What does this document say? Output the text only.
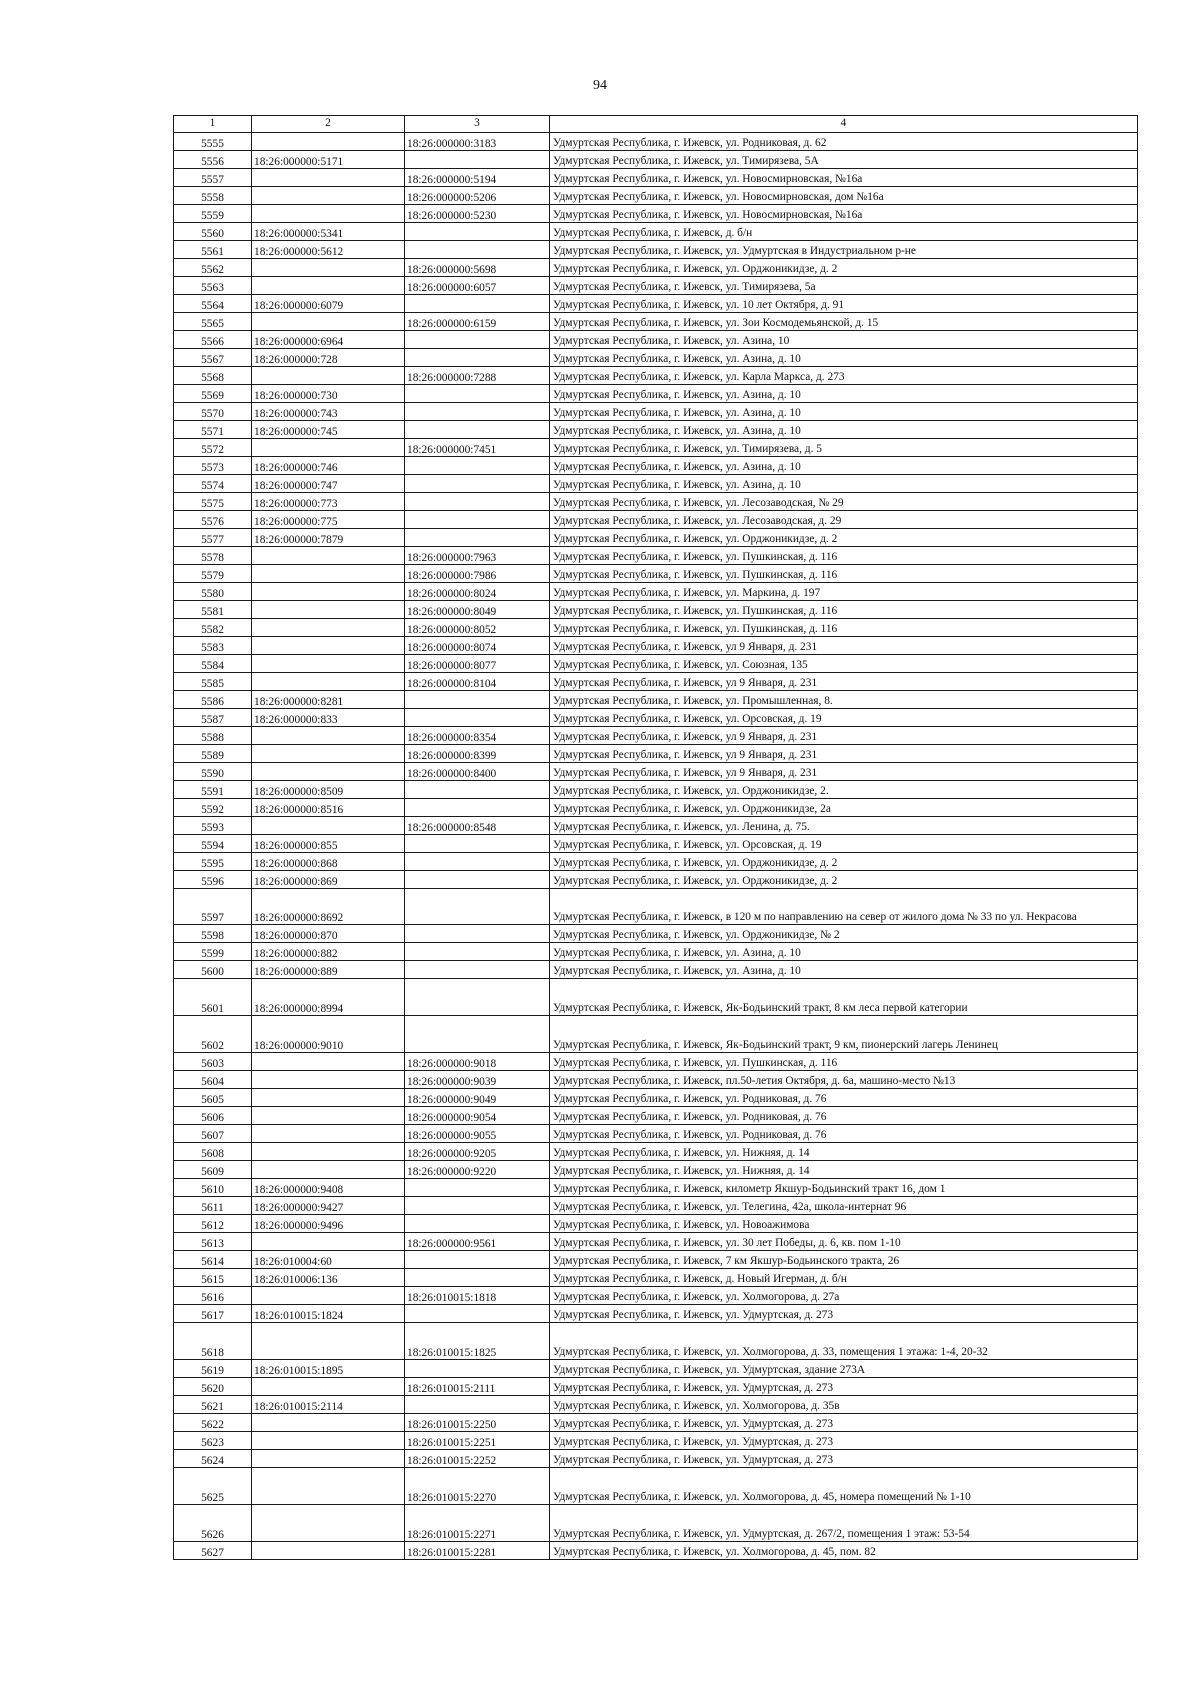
94
1	2	3	4
5555		18:26:000000:3183	Удмуртская Республика, г. Ижевск, ул. Родниковая, д. 62
5556	18:26:000000:5171		Удмуртская Республика, г. Ижевск, ул. Тимирязева, 5А
5557		18:26:000000:5194	Удмуртская Республика, г. Ижевск, ул. Новосмирновская, №16а
5558		18:26:000000:5206	Удмуртская Республика, г. Ижевск, ул. Новосмирновская, дом №16а
5559		18:26:000000:5230	Удмуртская Республика, г. Ижевск, ул. Новосмирновская, №16а
5560	18:26:000000:5341		Удмуртская Республика, г. Ижевск, д. б/н
5561	18:26:000000:5612		Удмуртская Республика, г. Ижевск, ул. Удмуртская в Индустриальном р-не
5562		18:26:000000:5698	Удмуртская Республика, г. Ижевск, ул. Орджоникидзе, д. 2
5563		18:26:000000:6057	Удмуртская Республика, г. Ижевск, ул. Тимирязева, 5а
5564	18:26:000000:6079		Удмуртская Республика, г. Ижевск, ул. 10 лет Октября, д. 91
5565		18:26:000000:6159	Удмуртская Республика, г. Ижевск, ул. Зои Космодемьянской, д. 15
5566	18:26:000000:6964		Удмуртская Республика, г. Ижевск, ул. Азина, 10
5567	18:26:000000:728		Удмуртская Республика, г. Ижевск, ул. Азина, д. 10
5568		18:26:000000:7288	Удмуртская Республика, г. Ижевск, ул. Карла Маркса, д. 273
5569	18:26:000000:730		Удмуртская Республика, г. Ижевск, ул. Азина, д. 10
5570	18:26:000000:743		Удмуртская Республика, г. Ижевск, ул. Азина, д. 10
5571	18:26:000000:745		Удмуртская Республика, г. Ижевск, ул. Азина, д. 10
5572		18:26:000000:7451	Удмуртская Республика, г. Ижевск, ул. Тимирязева, д. 5
5573	18:26:000000:746		Удмуртская Республика, г. Ижевск, ул. Азина, д. 10
5574	18:26:000000:747		Удмуртская Республика, г. Ижевск, ул. Азина, д. 10
5575	18:26:000000:773		Удмуртская Республика, г. Ижевск, ул. Лесозаводская, № 29
5576	18:26:000000:775		Удмуртская Республика, г. Ижевск, ул. Лесозаводская, д. 29
5577	18:26:000000:7879		Удмуртская Республика, г. Ижевск, ул. Орджоникидзе, д. 2
5578		18:26:000000:7963	Удмуртская Республика, г. Ижевск, ул. Пушкинская, д. 116
5579		18:26:000000:7986	Удмуртская Республика, г. Ижевск, ул. Пушкинская, д. 116
5580		18:26:000000:8024	Удмуртская Республика, г. Ижевск, ул. Маркина, д. 197
5581		18:26:000000:8049	Удмуртская Республика, г. Ижевск, ул. Пушкинская, д. 116
5582		18:26:000000:8052	Удмуртская Республика, г. Ижевск, ул. Пушкинская, д. 116
5583		18:26:000000:8074	Удмуртская Республика, г. Ижевск, ул 9 Января, д. 231
5584		18:26:000000:8077	Удмуртская Республика, г. Ижевск, ул. Союзная, 135
5585		18:26:000000:8104	Удмуртская Республика, г. Ижевск, ул 9 Января, д. 231
5586	18:26:000000:8281		Удмуртская Республика, г. Ижевск, ул. Промышленная, 8.
5587	18:26:000000:833		Удмуртская Республика, г. Ижевск, ул. Орсовская, д. 19
5588		18:26:000000:8354	Удмуртская Республика, г. Ижевск, ул 9 Января, д. 231
5589		18:26:000000:8399	Удмуртская Республика, г. Ижевск, ул 9 Января, д. 231
5590		18:26:000000:8400	Удмуртская Республика, г. Ижевск, ул 9 Января, д. 231
5591	18:26:000000:8509		Удмуртская Республика, г. Ижевск, ул. Орджоникидзе, 2.
5592	18:26:000000:8516		Удмуртская Республика, г. Ижевск, ул. Орджоникидзе, 2а
5593		18:26:000000:8548	Удмуртская Республика, г. Ижевск, ул. Ленина, д. 75.
5594	18:26:000000:855		Удмуртская Республика, г. Ижевск, ул. Орсовская, д. 19
5595	18:26:000000:868		Удмуртская Республика, г. Ижевск, ул. Орджоникидзе, д. 2
5596	18:26:000000:869		Удмуртская Республика, г. Ижевск, ул. Орджоникидзе, д. 2
5597	18:26:000000:8692		Удмуртская Республика, г. Ижевск, в 120 м по направлению на север от жилого дома № 33 по ул. Некрасова
5598	18:26:000000:870		Удмуртская Республика, г. Ижевск, ул. Орджоникидзе, № 2
5599	18:26:000000:882		Удмуртская Республика, г. Ижевск, ул. Азина, д. 10
5600	18:26:000000:889		Удмуртская Республика, г. Ижевск, ул. Азина, д. 10
5601	18:26:000000:8994		Удмуртская Республика, г. Ижевск, Як-Бодьинский тракт, 8 км леса первой категории
5602	18:26:000000:9010		Удмуртская Республика, г. Ижевск, Як-Бодьинский тракт, 9 км, пионерский лагерь Ленинец
5603		18:26:000000:9018	Удмуртская Республика, г. Ижевск, ул. Пушкинская, д. 116
5604		18:26:000000:9039	Удмуртская Республика, г. Ижевск, пл.50-летия Октября, д. 6а, машино-место №13
5605		18:26:000000:9049	Удмуртская Республика, г. Ижевск, ул. Родниковая, д. 76
5606		18:26:000000:9054	Удмуртская Республика, г. Ижевск, ул. Родниковая, д. 76
5607		18:26:000000:9055	Удмуртская Республика, г. Ижевск, ул. Родниковая, д. 76
5608		18:26:000000:9205	Удмуртская Республика, г. Ижевск, ул. Нижняя, д. 14
5609		18:26:000000:9220	Удмуртская Республика, г. Ижевск, ул. Нижняя, д. 14
5610	18:26:000000:9408		Удмуртская Республика, г. Ижевск, километр Якшур-Бодьинский тракт 16, дом 1
5611	18:26:000000:9427		Удмуртская Республика, г. Ижевск, ул. Телегина, 42а, школа-интернат 96
5612	18:26:000000:9496		Удмуртская Республика, г. Ижевск, ул. Новоажимова
5613		18:26:000000:9561	Удмуртская Республика, г. Ижевск, ул. 30 лет Победы, д. 6, кв. пом 1-10
5614	18:26:010004:60		Удмуртская Республика, г. Ижевск, 7 км Якшур-Бодьинского тракта, 26
5615	18:26:010006:136		Удмуртская Республика, г. Ижевск, д. Новый Игерман, д. б/н
5616		18:26:010015:1818	Удмуртская Республика, г. Ижевск, ул. Холмогорова, д. 27а
5617	18:26:010015:1824		Удмуртская Республика, г. Ижевск, ул. Удмуртская, д. 273
5618		18:26:010015:1825	Удмуртская Республика, г. Ижевск, ул. Холмогорова, д. 33, помещения 1 этажа: 1-4, 20-32
5619	18:26:010015:1895		Удмуртская Республика, г. Ижевск, ул. Удмуртская, здание 273А
5620		18:26:010015:2111	Удмуртская Республика, г. Ижевск, ул. Удмуртская, д. 273
5621	18:26:010015:2114		Удмуртская Республика, г. Ижевск, ул. Холмогорова, д. 35в
5622		18:26:010015:2250	Удмуртская Республика, г. Ижевск, ул. Удмуртская, д. 273
5623		18:26:010015:2251	Удмуртская Республика, г. Ижевск, ул. Удмуртская, д. 273
5624		18:26:010015:2252	Удмуртская Республика, г. Ижевск, ул. Удмуртская, д. 273
5625		18:26:010015:2270	Удмуртская Республика, г. Ижевск, ул. Холмогорова, д. 45, номера помещений № 1-10
5626		18:26:010015:2271	Удмуртская Республика, г. Ижевск, ул. Удмуртская, д. 267/2, помещения 1 этаж: 53-54
5627		18:26:010015:2281	Удмуртская Республика, г. Ижевск, ул. Холмогорова, д. 45, пом. 82
